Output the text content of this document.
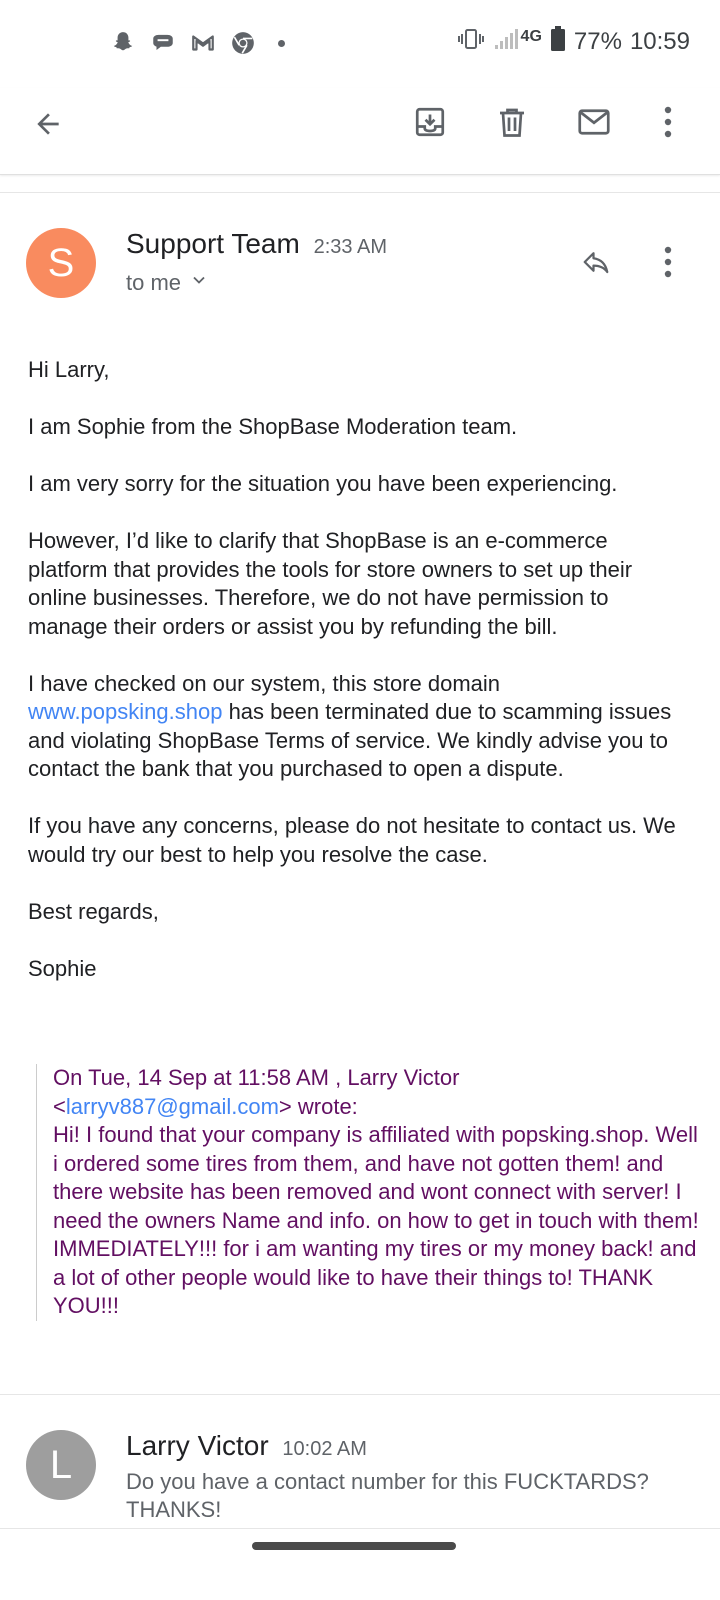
4G 77% 10:59
S Support Team 2:33 AM
to me

Hi Larry,

I am Sophie from the ShopBase Moderation team.

I am very sorry for the situation you have been experiencing.

However, I’d like to clarify that ShopBase is an e-commerce platform that provides the tools for store owners to set up their online businesses. Therefore, we do not have permission to manage their orders or assist you by refunding the bill.

I have checked on our system, this store domain www.popsking.shop has been terminated due to scamming issues and violating ShopBase Terms of service. We kindly advise you to contact the bank that you purchased to open a dispute.

If you have any concerns, please do not hesitate to contact us. We would try our best to help you resolve the case.

Best regards,

Sophie

On Tue, 14 Sep at 11:58 AM , Larry Victor <larryv887@gmail.com> wrote:
Hi! I found that your company is affiliated with popsking.shop. Well i ordered some tires from them, and have not gotten them! and there website has been removed and wont connect with server! I need the owners Name and info. on how to get in touch with them! IMMEDIATELY!!! for i am wanting my tires or my money back! and a lot of other people would like to have their things to! THANK YOU!!!
L Larry Victor 10:02 AM
Do you have a contact number for this FUCKTARDS? THANKS!
